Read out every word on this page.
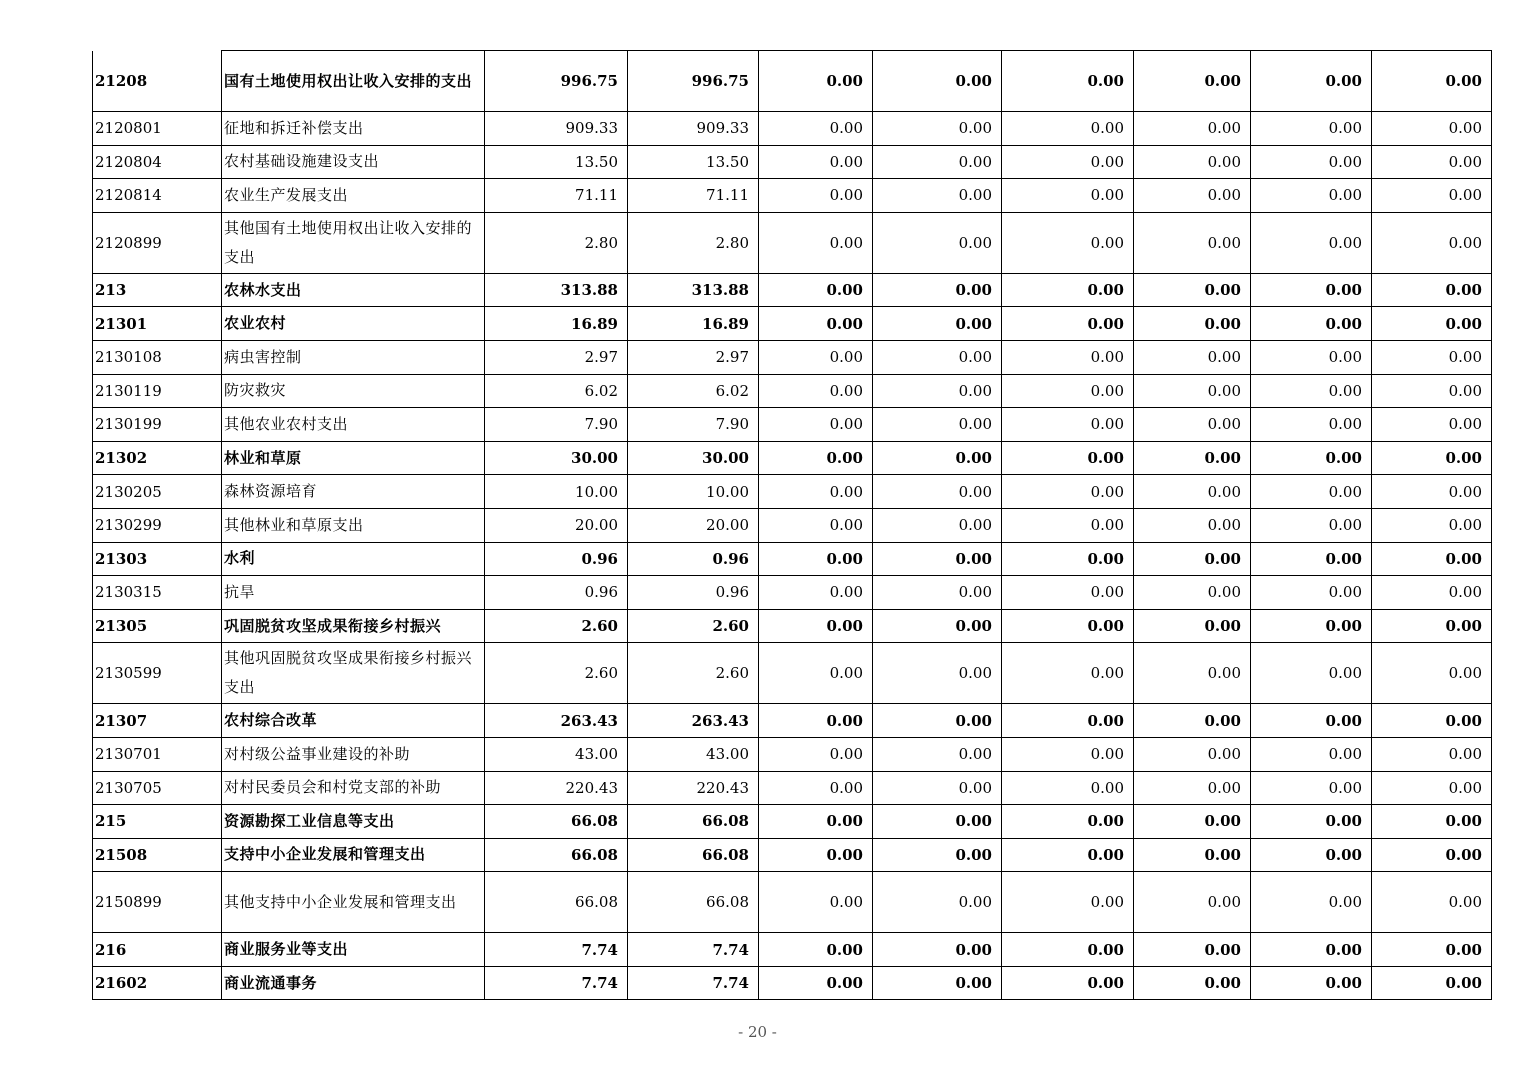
21208	国有土地使用权出让收入安排的支出	996.75	996.75	0.00	0.00	0.00	0.00	0.00	0.00
2120801	征地和拆迁补偿支出	909.33	909.33	0.00	0.00	0.00	0.00	0.00	0.00
2120804	农村基础设施建设支出	13.50	13.50	0.00	0.00	0.00	0.00	0.00	0.00
2120814	农业生产发展支出	71.11	71.11	0.00	0.00	0.00	0.00	0.00	0.00
2120899	其他国有土地使用权出让收入安排的支出	2.80	2.80	0.00	0.00	0.00	0.00	0.00	0.00
213	农林水支出	313.88	313.88	0.00	0.00	0.00	0.00	0.00	0.00
21301	农业农村	16.89	16.89	0.00	0.00	0.00	0.00	0.00	0.00
2130108	病虫害控制	2.97	2.97	0.00	0.00	0.00	0.00	0.00	0.00
2130119	防灾救灾	6.02	6.02	0.00	0.00	0.00	0.00	0.00	0.00
2130199	其他农业农村支出	7.90	7.90	0.00	0.00	0.00	0.00	0.00	0.00
21302	林业和草原	30.00	30.00	0.00	0.00	0.00	0.00	0.00	0.00
2130205	森林资源培育	10.00	10.00	0.00	0.00	0.00	0.00	0.00	0.00
2130299	其他林业和草原支出	20.00	20.00	0.00	0.00	0.00	0.00	0.00	0.00
21303	水利	0.96	0.96	0.00	0.00	0.00	0.00	0.00	0.00
2130315	抗旱	0.96	0.96	0.00	0.00	0.00	0.00	0.00	0.00
21305	巩固脱贫攻坚成果衔接乡村振兴	2.60	2.60	0.00	0.00	0.00	0.00	0.00	0.00
2130599	其他巩固脱贫攻坚成果衔接乡村振兴支出	2.60	2.60	0.00	0.00	0.00	0.00	0.00	0.00
21307	农村综合改革	263.43	263.43	0.00	0.00	0.00	0.00	0.00	0.00
2130701	对村级公益事业建设的补助	43.00	43.00	0.00	0.00	0.00	0.00	0.00	0.00
2130705	对村民委员会和村党支部的补助	220.43	220.43	0.00	0.00	0.00	0.00	0.00	0.00
215	资源勘探工业信息等支出	66.08	66.08	0.00	0.00	0.00	0.00	0.00	0.00
21508	支持中小企业发展和管理支出	66.08	66.08	0.00	0.00	0.00	0.00	0.00	0.00
2150899	其他支持中小企业发展和管理支出	66.08	66.08	0.00	0.00	0.00	0.00	0.00	0.00
216	商业服务业等支出	7.74	7.74	0.00	0.00	0.00	0.00	0.00	0.00
21602	商业流通事务	7.74	7.74	0.00	0.00	0.00	0.00	0.00	0.00
- 20 -
